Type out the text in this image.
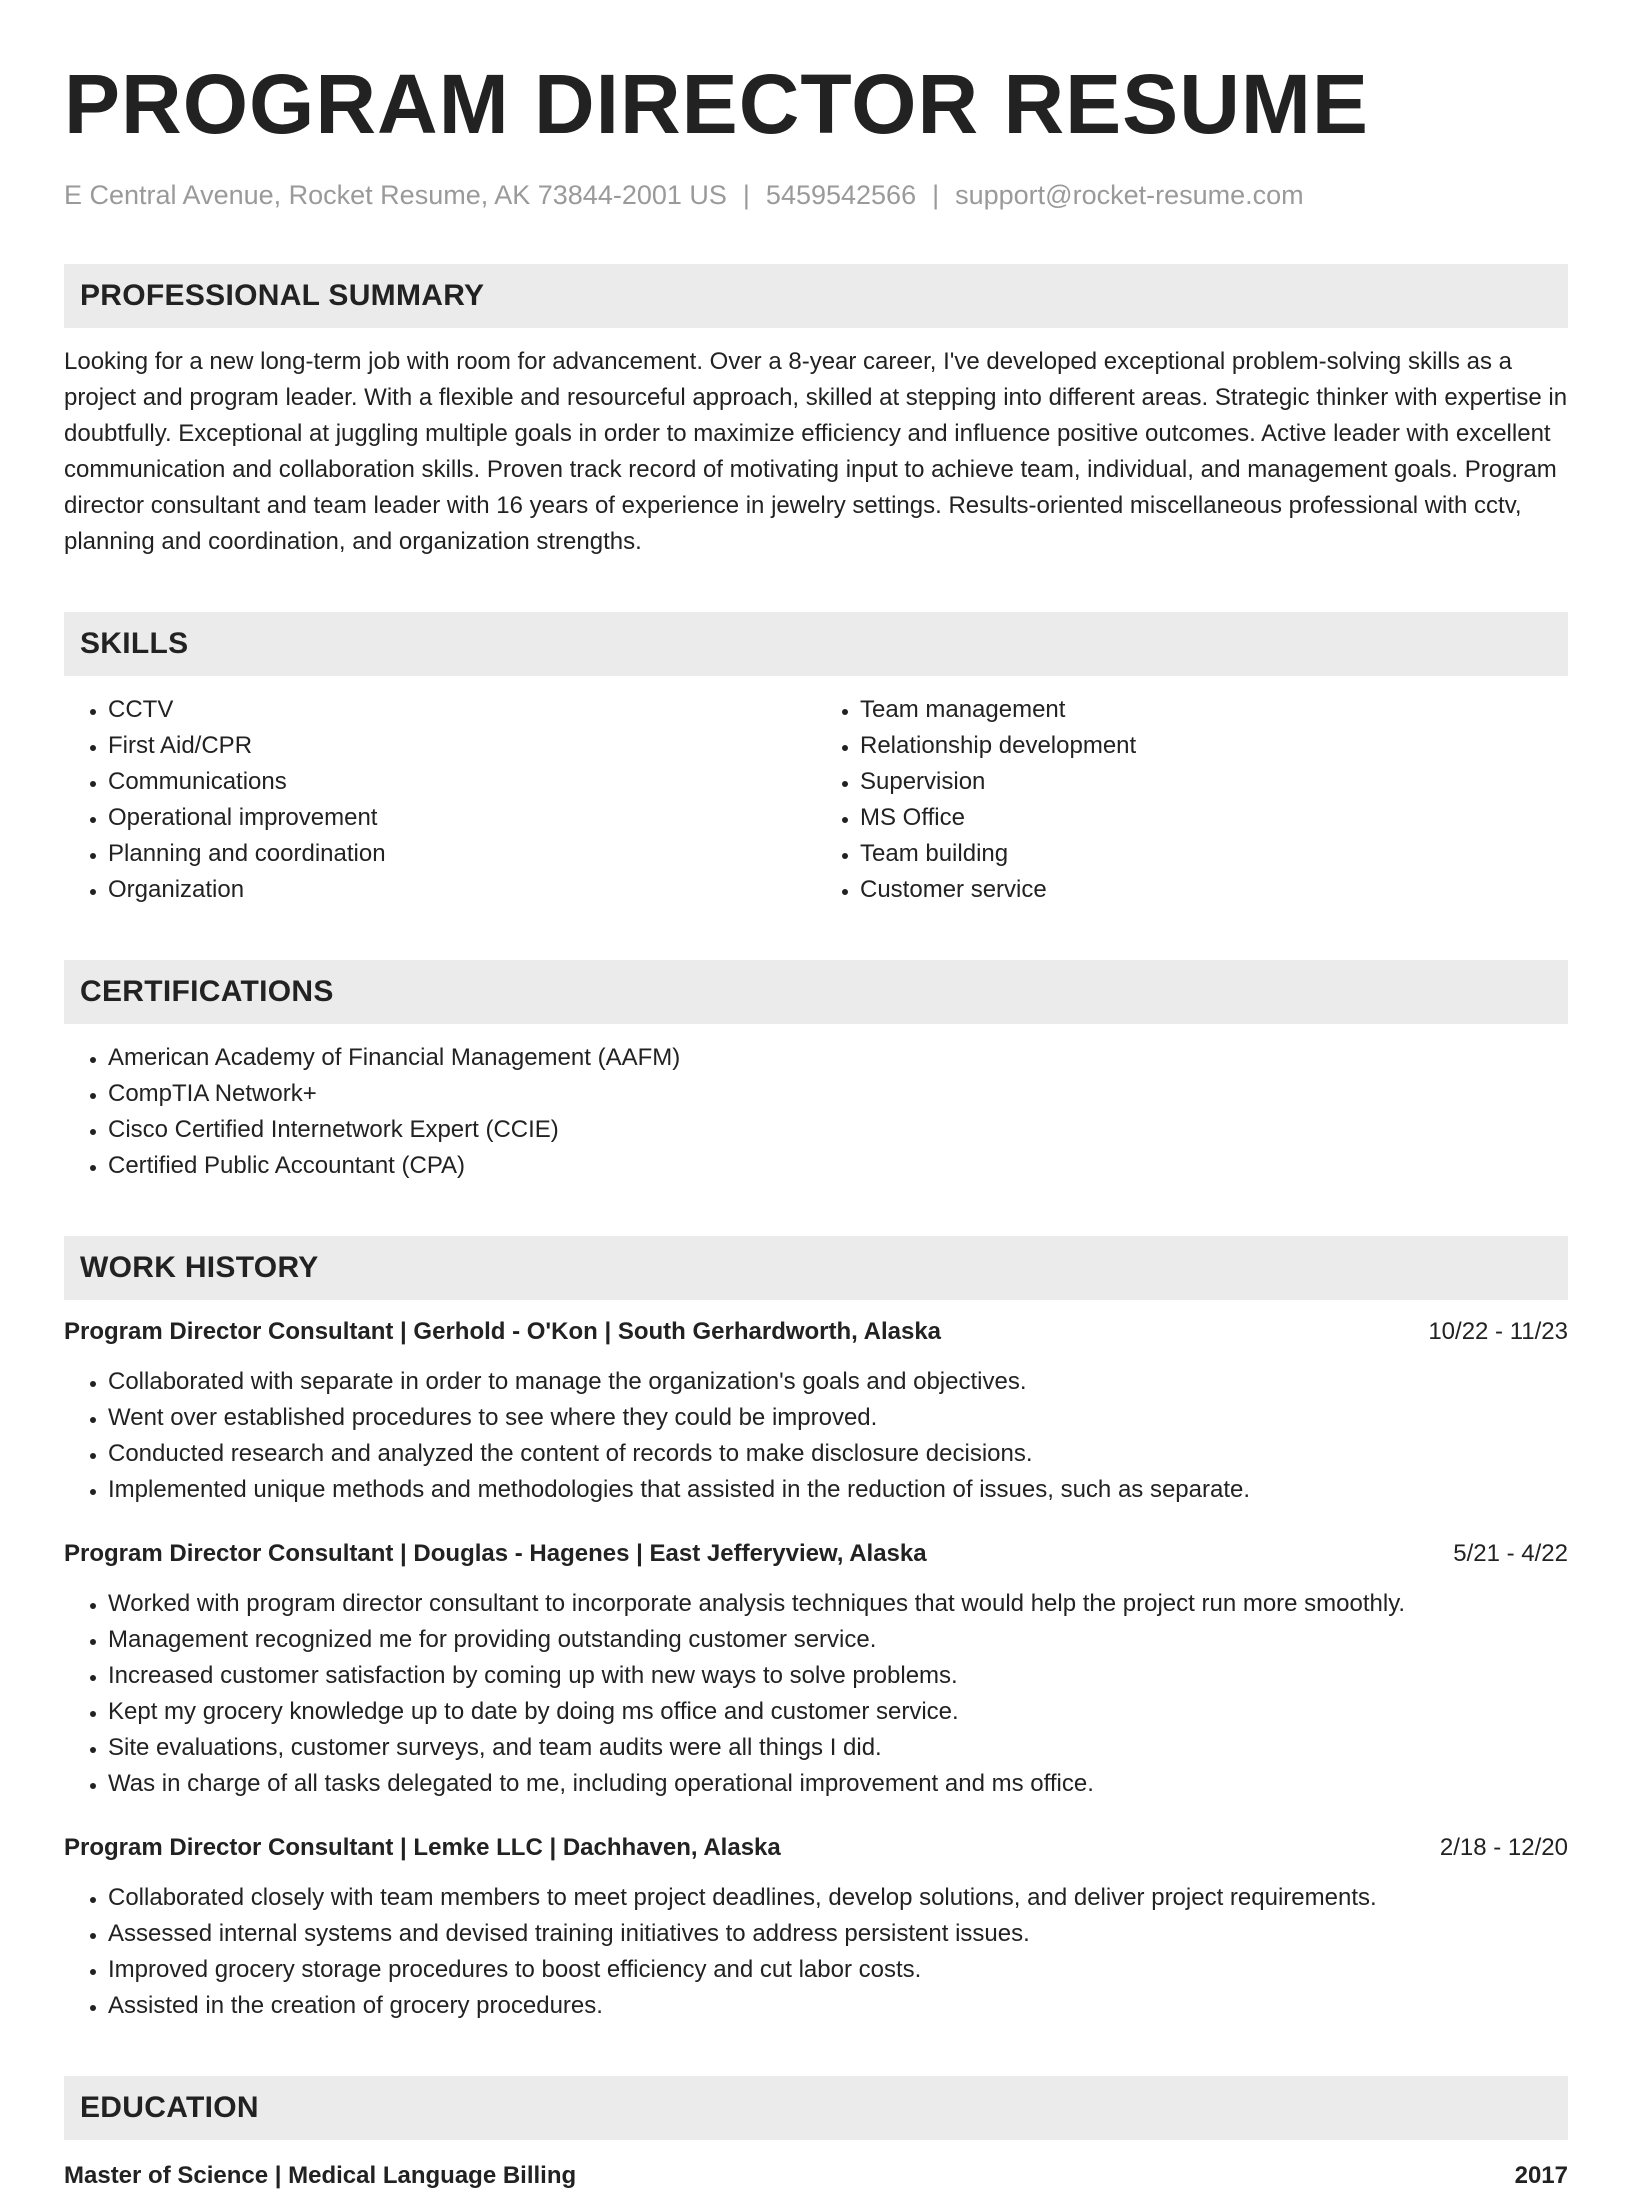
PROGRAM DIRECTOR RESUME
E Central Avenue, Rocket Resume, AK 73844-2001 US | 5459542566 | support@rocket-resume.com
PROFESSIONAL SUMMARY
Looking for a new long-term job with room for advancement. Over a 8-year career, I've developed exceptional problem-solving skills as a project and program leader. With a flexible and resourceful approach, skilled at stepping into different areas. Strategic thinker with expertise in doubtfully. Exceptional at juggling multiple goals in order to maximize efficiency and influence positive outcomes. Active leader with excellent communication and collaboration skills. Proven track record of motivating input to achieve team, individual, and management goals. Program director consultant and team leader with 16 years of experience in jewelry settings. Results-oriented miscellaneous professional with cctv, planning and coordination, and organization strengths.
SKILLS
• CCTV
• First Aid/CPR
• Communications
• Operational improvement
• Planning and coordination
• Organization
• Team management
• Relationship development
• Supervision
• MS Office
• Team building
• Customer service
CERTIFICATIONS
• American Academy of Financial Management (AAFM)
• CompTIA Network+
• Cisco Certified Internetwork Expert (CCIE)
• Certified Public Accountant (CPA)
WORK HISTORY
Program Director Consultant | Gerhold - O'Kon | South Gerhardworth, Alaska	10/22 - 11/23
• Collaborated with separate in order to manage the organization's goals and objectives.
• Went over established procedures to see where they could be improved.
• Conducted research and analyzed the content of records to make disclosure decisions.
• Implemented unique methods and methodologies that assisted in the reduction of issues, such as separate.
Program Director Consultant | Douglas - Hagenes | East Jefferyview, Alaska	5/21 - 4/22
• Worked with program director consultant to incorporate analysis techniques that would help the project run more smoothly.
• Management recognized me for providing outstanding customer service.
• Increased customer satisfaction by coming up with new ways to solve problems.
• Kept my grocery knowledge up to date by doing ms office and customer service.
• Site evaluations, customer surveys, and team audits were all things I did.
• Was in charge of all tasks delegated to me, including operational improvement and ms office.
Program Director Consultant | Lemke LLC | Dachhaven, Alaska	2/18 - 12/20
• Collaborated closely with team members to meet project deadlines, develop solutions, and deliver project requirements.
• Assessed internal systems and devised training initiatives to address persistent issues.
• Improved grocery storage procedures to boost efficiency and cut labor costs.
• Assisted in the creation of grocery procedures.
EDUCATION
Master of Science | Medical Language Billing	2017
